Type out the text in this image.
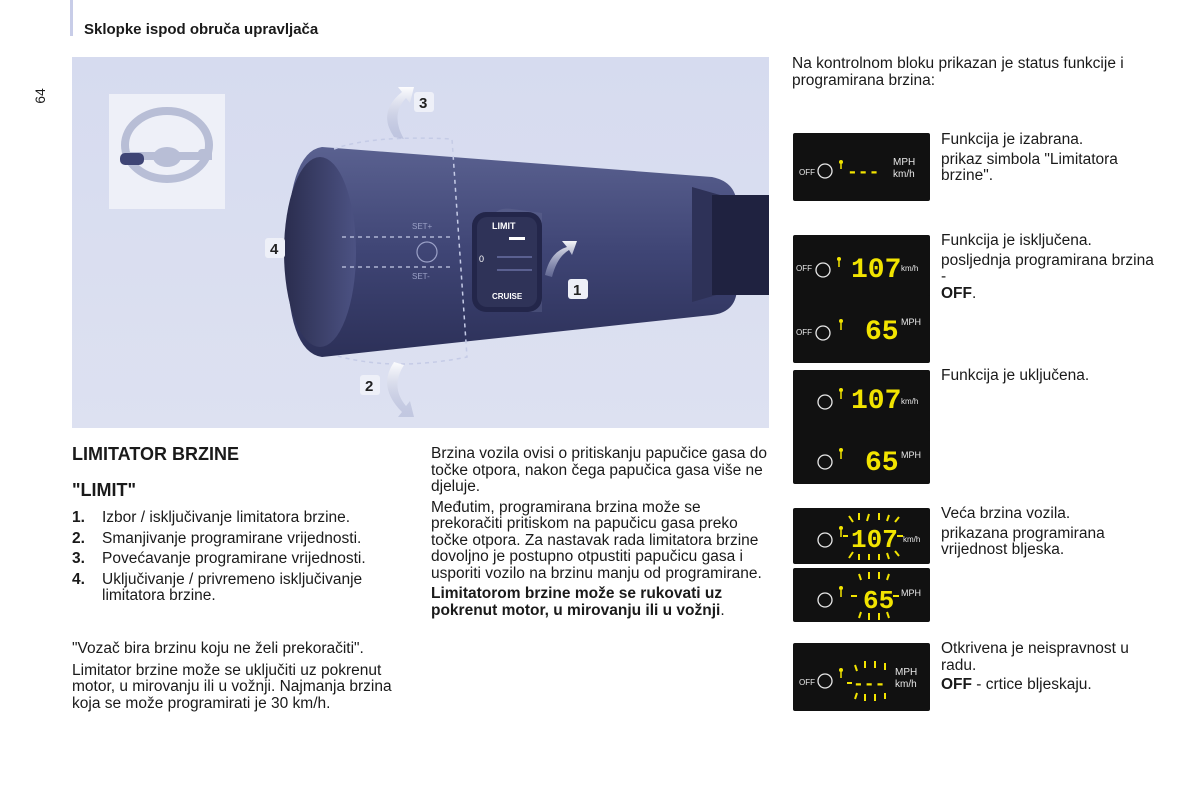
Sklopke ispod obruča upravljača
64
LIMIT
0
CRUISE
SET+
SET-
1
2
3
4
LIMITATOR BRZINE
"LIMIT"
1.	Izbor / isključivanje limitatora brzine.
2.	Smanjivanje programirane vrijednosti.
3.	Povećavanje programirane vrijednosti.
4.	Uključivanje / privremeno isključivanje limitatora brzine.

"Vozač bira brzinu koju ne želi prekoračiti".

Limitator brzine može se uključiti uz pokrenut motor, u mirovanju ili u vožnji. Najmanja brzina koja se može programirati je 30 km/h.

Brzina vozila ovisi o pritiskanju papučice gasa do točke otpora, nakon čega papučica gasa više ne djeluje.

Međutim, programirana brzina može se prekoračiti pritiskom na papučicu gasa preko točke otpora. Za nastavak rada limitatora brzine dovoljno je postupno otpustiti papučicu gasa i usporiti vozilo na brzinu manju od programirane.

Limitatorom brzine može se rukovati uz pokrenut motor, u mirovanju ili u vožnji.

Na kontrolnom bloku prikazan je status funkcije i programirana brzina:
OFF ---
MPH
km/h

Funkcija je izabrana.

prikaz simbola "Limitatora brzine".

OFF 107 km/h
OFF 65 MPH

Funkcija je isključena.

posljednja programirana brzina -
OFF.

107 km/h
65 MPH

Funkcija je uključena.

107 km/h
65 MPH

Veća brzina vozila.

prikazana programirana vrijednost bljeska.

OFF ---
MPH
km/h

Otkrivena je neispravnost u radu.

OFF - crtice bljeskaju.
